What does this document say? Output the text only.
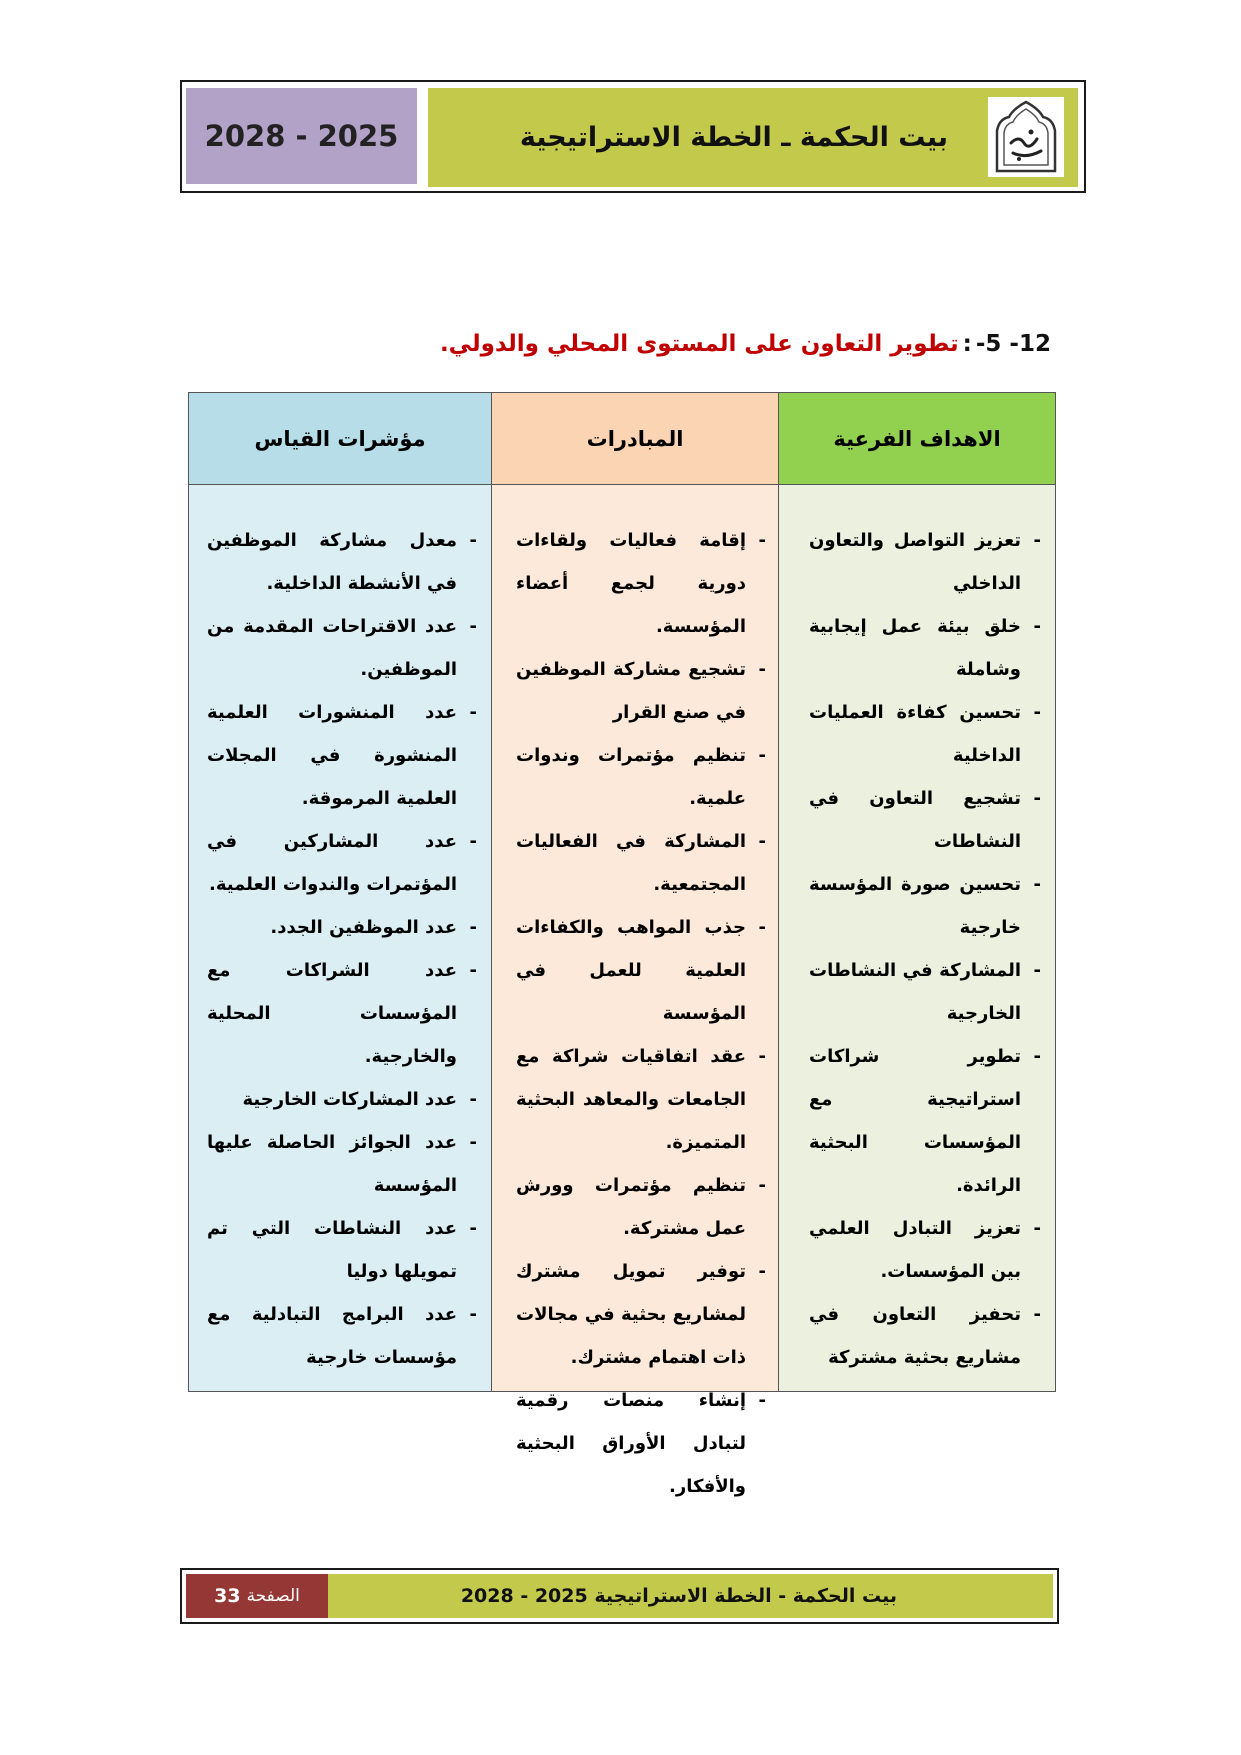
2028 - 2025	بيت الحكمة ـ الخطة الاستراتيجية
12- 5-:تطوير التعاون على المستوى المحلي والدولي.
الاهداف الفرعية
- تعزيز التواصل والتعاون الداخلي
- خلق بيئة عمل إيجابية وشاملة
- تحسين كفاءة العمليات الداخلية
- تشجيع التعاون في النشاطات
- تحسين صورة المؤسسة خارجية
- المشاركة في النشاطات الخارجية
- تطوير شراكات استراتيجية مع المؤسسات البحثية الرائدة.
- تعزيز التبادل العلمي بين المؤسسات.
- تحفيز التعاون في مشاريع بحثية مشتركة
المبادرات
- إقامة فعاليات ولقاءات دورية لجمع أعضاء المؤسسة.
- تشجيع مشاركة الموظفين في صنع القرار
- تنظيم مؤتمرات وندوات علمية.
- المشاركة في الفعاليات المجتمعية.
- جذب المواهب والكفاءات العلمية للعمل في المؤسسة
- عقد اتفاقيات شراكة مع الجامعات والمعاهد البحثية المتميزة.
- تنظيم مؤتمرات وورش عمل مشتركة.
- توفير تمويل مشترك لمشاريع بحثية في مجالات ذات اهتمام مشترك.
- إنشاء منصات رقمية لتبادل الأوراق البحثية والأفكار.
مؤشرات القياس
- معدل مشاركة الموظفين في الأنشطة الداخلية.
- عدد الاقتراحات المقدمة من الموظفين.
- عدد المنشورات العلمية المنشورة في المجلات العلمية المرموقة.
- عدد المشاركين في المؤتمرات والندوات العلمية.
- عدد الموظفين الجدد.
- عدد الشراكات مع المؤسسات المحلية والخارجية.
- عدد المشاركات الخارجية
- عدد الجوائز الحاصلة عليها المؤسسة
- عدد النشاطات التي تم تمويلها دوليا
- عدد البرامج التبادلية مع مؤسسات خارجية
بيت الحكمة - الخطة الاستراتيجية 2025 - 2028
الصفحة
33
